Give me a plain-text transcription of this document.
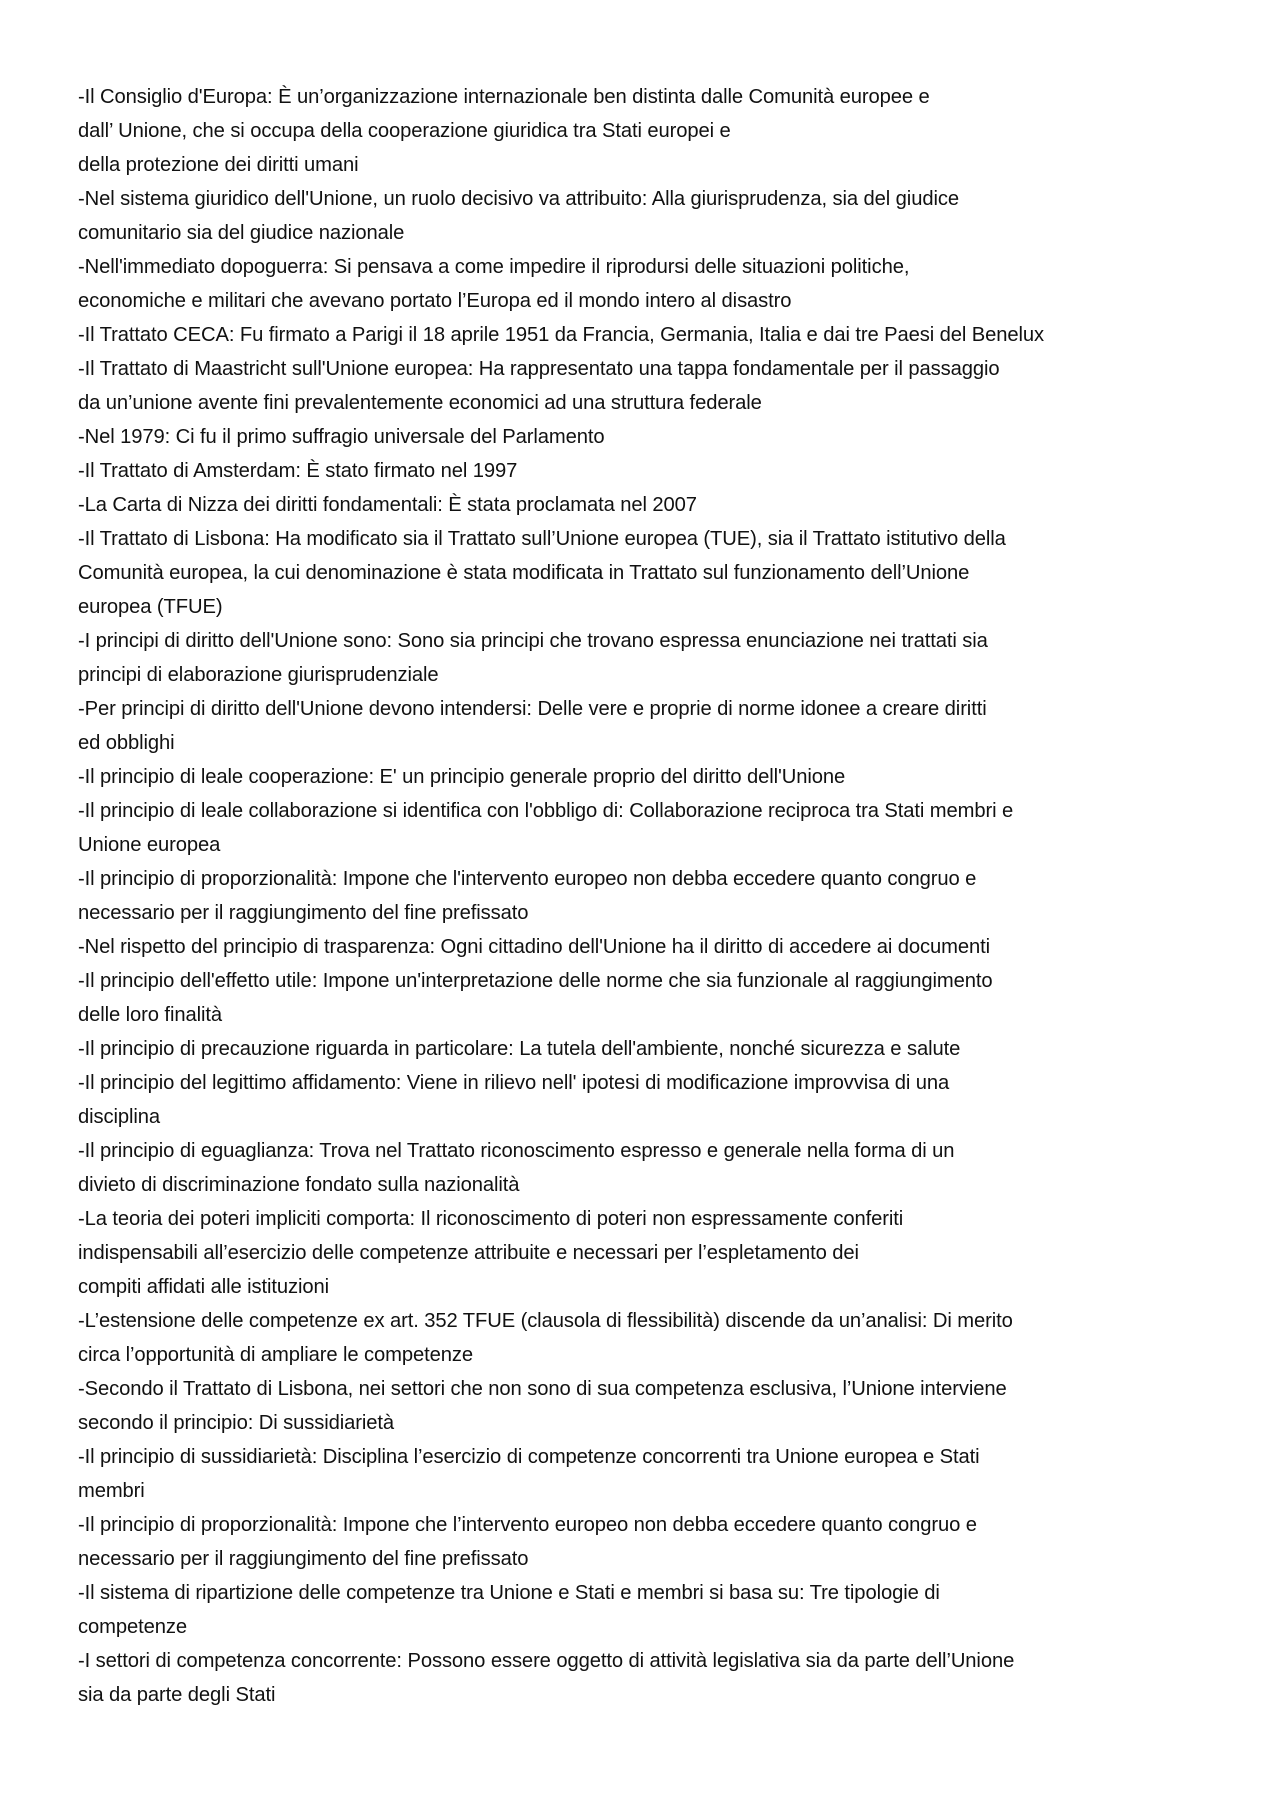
-Il Consiglio d'Europa: È un’organizzazione internazionale ben distinta dalle Comunità europee e
dall’ Unione, che si occupa della cooperazione giuridica tra Stati europei e
della protezione dei diritti umani
-Nel sistema giuridico dell'Unione, un ruolo decisivo va attribuito: Alla giurisprudenza, sia del giudice
comunitario sia del giudice nazionale
-Nell'immediato dopoguerra: Si pensava a come impedire il riprodursi delle situazioni politiche,
economiche e militari che avevano portato l’Europa ed il mondo intero al disastro
-Il Trattato CECA: Fu firmato a Parigi il 18 aprile 1951 da Francia, Germania, Italia e dai tre Paesi del Benelux
-Il Trattato di Maastricht sull'Unione europea: Ha rappresentato una tappa fondamentale per il passaggio
da un’unione avente fini prevalentemente economici ad una struttura federale
-Nel 1979: Ci fu il primo suffragio universale del Parlamento
-Il Trattato di Amsterdam: È stato firmato nel 1997
-La Carta di Nizza dei diritti fondamentali: È stata proclamata nel 2007
-Il Trattato di Lisbona: Ha modificato sia il Trattato sull’Unione europea (TUE), sia il Trattato istitutivo della
Comunità europea, la cui denominazione è stata modificata in Trattato sul funzionamento dell’Unione
europea (TFUE)
-I principi di diritto dell'Unione sono: Sono sia principi che trovano espressa enunciazione nei trattati sia
principi di elaborazione giurisprudenziale
-Per principi di diritto dell'Unione devono intendersi: Delle vere e proprie di norme idonee a creare diritti
ed obblighi
-Il principio di leale cooperazione: E' un principio generale proprio del diritto dell'Unione
-Il principio di leale collaborazione si identifica con l'obbligo di: Collaborazione reciproca tra Stati membri e
Unione europea
-Il principio di proporzionalità: Impone che l'intervento europeo non debba eccedere quanto congruo e
necessario per il raggiungimento del fine prefissato
-Nel rispetto del principio di trasparenza: Ogni cittadino dell'Unione ha il diritto di accedere ai documenti
-Il principio dell'effetto utile: Impone un'interpretazione delle norme che sia funzionale al raggiungimento
delle loro finalità
-Il principio di precauzione riguarda in particolare: La tutela dell'ambiente, nonché sicurezza e salute
-Il principio del legittimo affidamento: Viene in rilievo nell' ipotesi di modificazione improvvisa di una
disciplina
-Il principio di eguaglianza: Trova nel Trattato riconoscimento espresso e generale nella forma di un
divieto di discriminazione fondato sulla nazionalità
-La teoria dei poteri impliciti comporta: Il riconoscimento di poteri non espressamente conferiti
indispensabili all’esercizio delle competenze attribuite e necessari per l’espletamento dei
compiti affidati alle istituzioni
-L’estensione delle competenze ex art. 352 TFUE (clausola di flessibilità) discende da un’analisi: Di merito
circa l’opportunità di ampliare le competenze
-Secondo il Trattato di Lisbona, nei settori che non sono di sua competenza esclusiva, l’Unione interviene
secondo il principio: Di sussidiarietà
-Il principio di sussidiarietà: Disciplina l’esercizio di competenze concorrenti tra Unione europea e Stati
membri
-Il principio di proporzionalità: Impone che l’intervento europeo non debba eccedere quanto congruo e
necessario per il raggiungimento del fine prefissato
-Il sistema di ripartizione delle competenze tra Unione e Stati e membri si basa su: Tre tipologie di
competenze
-I settori di competenza concorrente: Possono essere oggetto di attività legislativa sia da parte dell’Unione
sia da parte degli Stati
